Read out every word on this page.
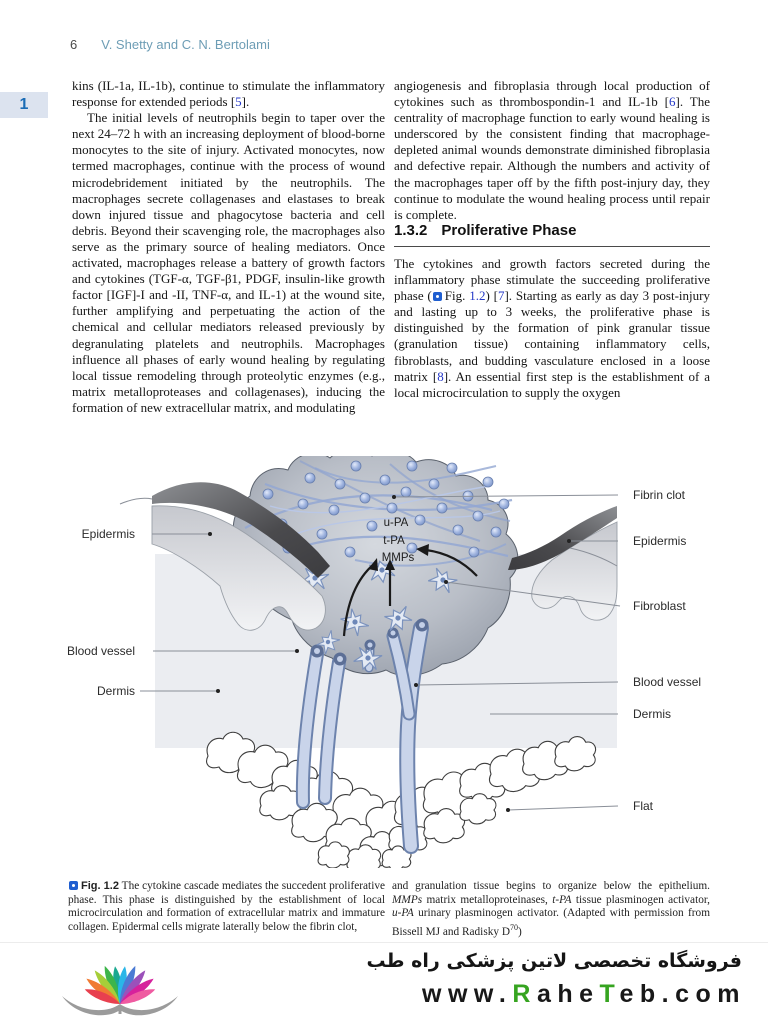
6 V. Shetty and C. N. Bertolami
1

kins (IL-1a, IL-1b), continue to stimulate the inflammatory response for extended periods [5].

The initial levels of neutrophils begin to taper over the next 24–72 h with an increasing deployment of blood-borne monocytes to the site of injury. Activated monocytes, now termed macrophages, continue with the process of wound microdebridement initiated by the neutrophils. The macrophages secrete collagenases and elastases to break down injured tissue and phagocytose bacteria and cell debris. Beyond their scavenging role, the macrophages also serve as the primary source of healing mediators. Once activated, macrophages release a battery of growth factors and cytokines (TGF-α, TGF-β1, PDGF, insulin-like growth factor [IGF]-I and -II, TNF-α, and IL-1) at the wound site, further amplifying and perpetuating the action of the chemical and cellular mediators released previously by degranulating platelets and neutrophils. Macrophages influence all phases of early wound healing by regulating local tissue remodeling through proteolytic enzymes (e.g., matrix metalloproteases and collagenases), inducing the formation of new extracellular matrix, and modulating

angiogenesis and fibroplasia through local production of cytokines such as thrombospondin-1 and IL-1b [6]. The centrality of macrophage function to early wound healing is underscored by the consistent finding that macrophage-depleted animal wounds demonstrate diminished fibroplasia and defective repair. Although the numbers and activity of the macrophages taper off by the fifth post-injury day, they continue to modulate the wound healing process until repair is complete.

1.3.2 Proliferative Phase

The cytokines and growth factors secreted during the inflammatory phase stimulate the succeeding proliferative phase ( Fig. 1.2) [7]. Starting as early as day 3 post-injury and lasting up to 3 weeks, the proliferative phase is distinguished by the formation of pink granular tissue (granulation tissue) containing inflammatory cells, fibroblasts, and budding vasculature enclosed in a loose matrix [8]. An essential first step is the establishment of a local microcirculation to supply the oxygen

u-PA
t-PA
MMPs
Epidermis
Blood vessel
Dermis
Fibrin clot
Epidermis
Fibroblast
Blood vessel
Dermis
Flat
Fig. 1.2 The cytokine cascade mediates the succedent proliferative phase. This phase is distinguished by the establishment of local microcirculation and formation of extracellular matrix and immature collagen. Epidermal cells migrate laterally below the fibrin clot,
and granulation tissue begins to organize below the epithelium. MMPs matrix metalloproteinases, t-PA tissue plasminogen activator, u-PA urinary plasminogen activator. (Adapted with permission from Bissell MJ and Radisky $D^{70}$)
فروشگاه تخصصی لاتین پزشکی راه طب
www.RaheTeb.com
